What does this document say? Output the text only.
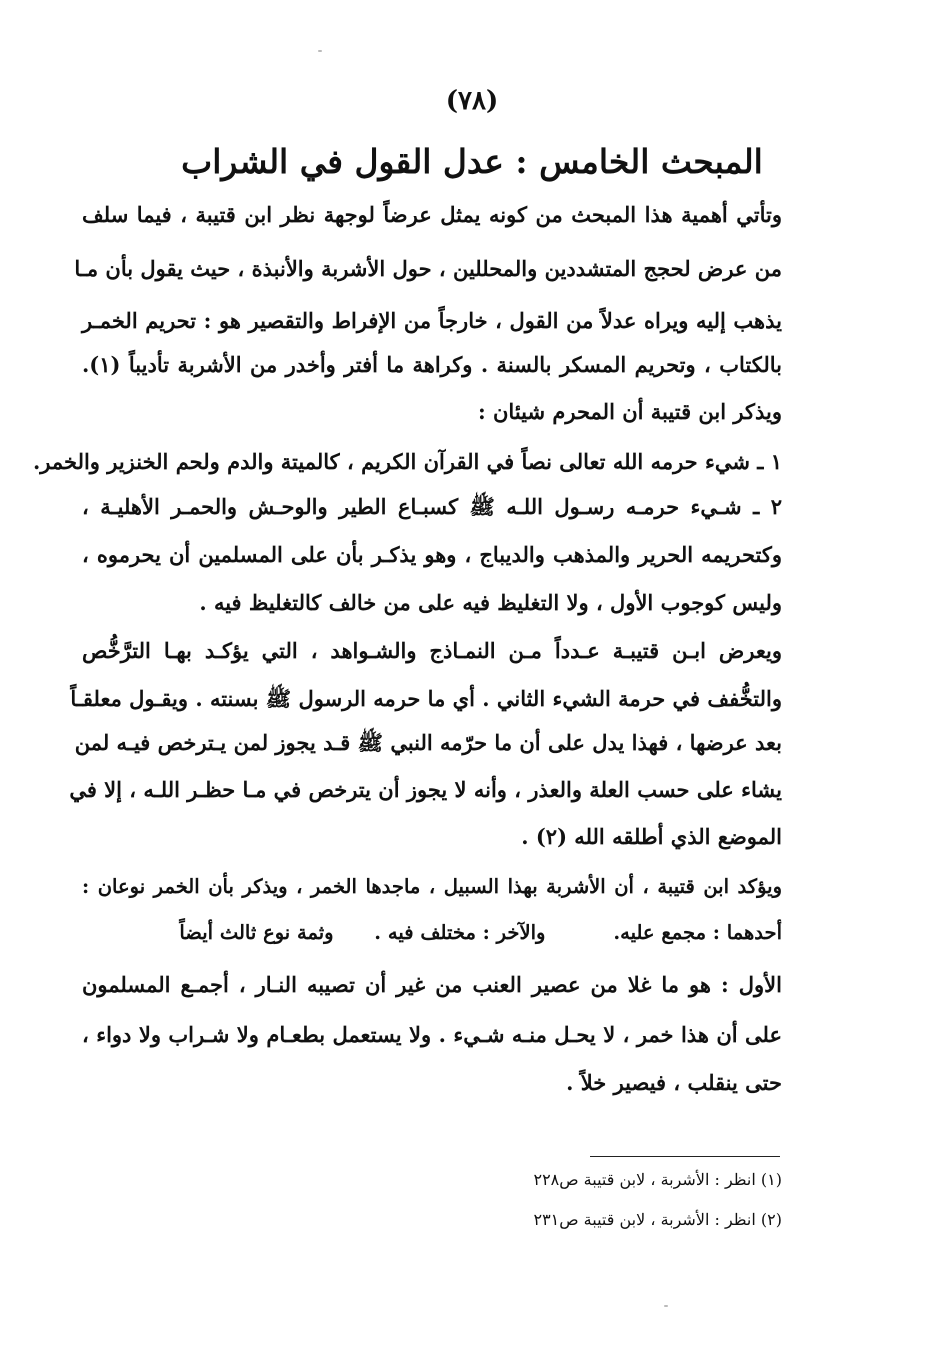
(٧٨)
المبحث الخامس : عدل القول في الشراب
وتأتي أهمية هذا المبحث من كونه يمثل عرضاً لوجهة نظر ابن قتيبة ، فيما سلف
من عرض لحجج المتشددين والمحللين ، حول الأشربة والأنبذة ، حيث يقول بأن مـا
يذهب إليه ويراه عدلاً من القول ، خارجاً من الإفراط والتقصير هو : تحريم الخمـر
بالكتاب ، وتحريم المسكر بالسنة . وكراهة ما أفتر وأخدر من الأشربة تأديباً (١).
ويذكر ابن قتيبة أن المحرم شيئان :
١ ـ شيء حرمه الله تعالى نصاً في القرآن الكريم ، كالميتة والدم ولحم الخنزير والخمر.
٢ ـ شـيء حرمـه رسـول اللـه ﷺ كسبـاع الطير والوحـش والحمـر الأهليـة ،
وكتحريمه الحرير والمذهب والديباج ، وهو يذكـر بأن على المسلمين أن يحرموه ،
وليس كوجوب الأول ، ولا التغليظ فيه على من خالف كالتغليظ فيه .
ويعرض ابـن قتيبـة عـدداً مـن النمـاذج والشـواهد ، التي يؤكـد بهـا الترَّخُّص
والتخُّفف في حرمة الشيء الثاني . أي ما حرمه الرسول ﷺ بسنته . ويقـول معلقـاً
بعد عرضها ، فهذا يدل على أن ما حرّمه النبي ﷺ قـد يجوز لمن يـترخص فيـه لمن
يشاء على حسب العلة والعذر ، وأنه لا يجوز أن يترخص في مـا حظـر اللـه ، إلا في
الموضع الذي أطلقه الله (٢) .
ويؤكد ابن قتيبة ، أن الأشربة بهذا السبيل ، ماجدها الخمر ، ويذكر بأن الخمر نوعان :
أحدهما : مجمع عليه.          والآخر : مختلف فيه .      وثمة نوع ثالث أيضاً
الأول : هو ما غلا من عصير العنب من غير أن تصيبه النـار ، أجمـع المسلمون
على أن هذا خمر ، لا يحـل منـه شـيء . ولا يستعمل بطعـام ولا شـراب ولا دواء ،
حتى ينقلب ، فيصير خلاً .
(١) انظر : الأشربة ، لابن قتيبة ص٢٢٨
(٢) انظر : الأشربة ، لابن قتيبة ص٢٣١
